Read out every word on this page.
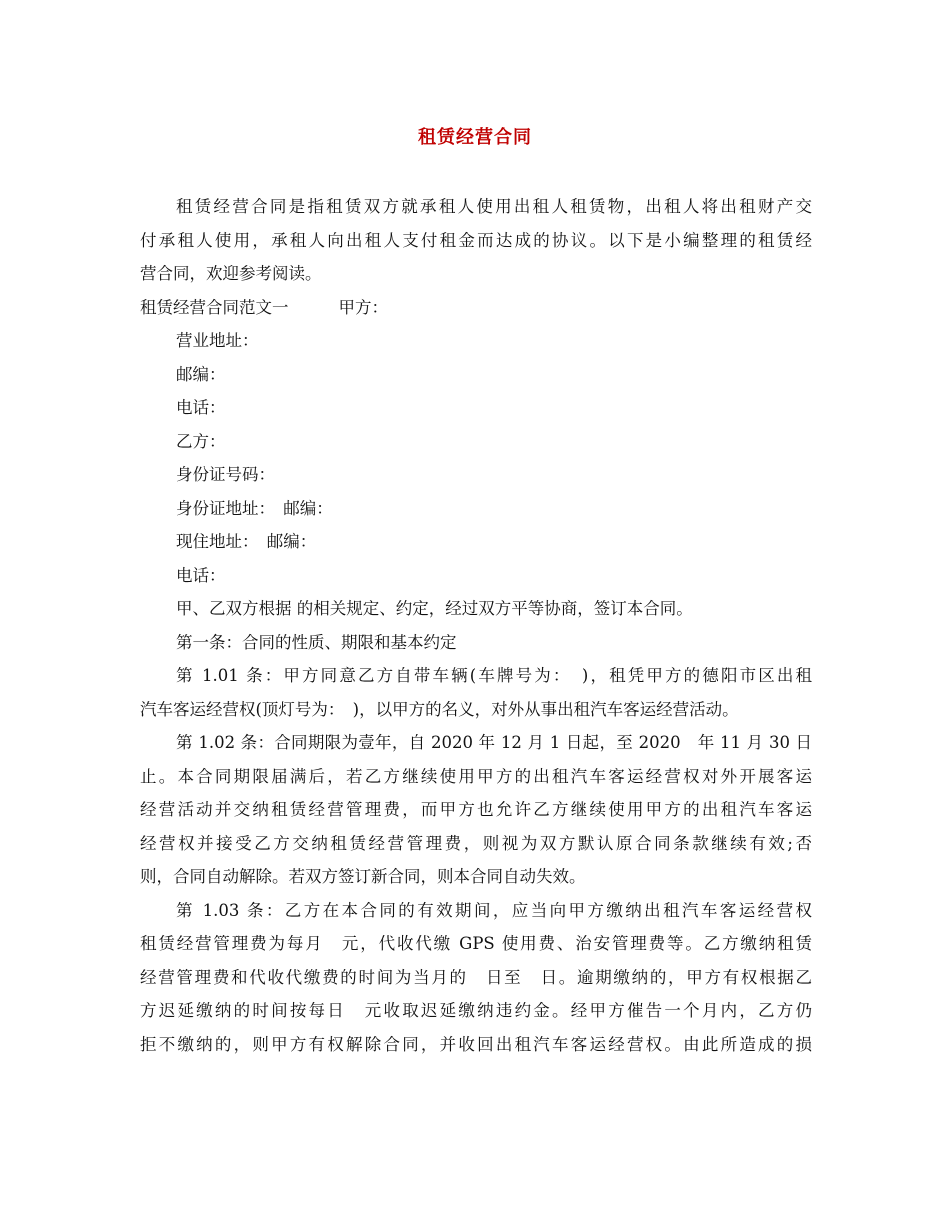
租赁经营合同
租赁经营合同是指租赁双方就承租人使用出租人租赁物，出租人将出租财产交
付承租人使用，承租人向出租人支付租金而达成的协议。以下是小编整理的租赁经
营合同，欢迎参考阅读。
租赁经营合同范文一	甲方：
营业地址：
邮编：
电话：
乙方：
身份证号码：
身份证地址：　邮编：
现住地址：　邮编：
电话：
甲、乙双方根据 的相关规定、约定，经过双方平等协商，签订本合同。
第一条：合同的性质、期限和基本约定
第 1.01 条：甲方同意乙方自带车辆(车牌号为：　)，租凭甲方的德阳市区出租
汽车客运经营权(顶灯号为：　)，以甲方的名义，对外从事出租汽车客运经营活动。
第 1.02 条：合同期限为壹年，自 2020 年 12 月 1 日起，至 2020　年 11 月 30 日
止。本合同期限届满后，若乙方继续使用甲方的出租汽车客运经营权对外开展客运
经营活动并交纳租赁经营管理费，而甲方也允许乙方继续使用甲方的出租汽车客运
经营权并接受乙方交纳租赁经营管理费，则视为双方默认原合同条款继续有效;否
则，合同自动解除。若双方签订新合同，则本合同自动失效。
第 1.03 条：乙方在本合同的有效期间，应当向甲方缴纳出租汽车客运经营权
租赁经营管理费为每月　元，代收代缴 GPS 使用费、治安管理费等。乙方缴纳租赁
经营管理费和代收代缴费的时间为当月的　日至　日。逾期缴纳的，甲方有权根据乙
方迟延缴纳的时间按每日　元收取迟延缴纳违约金。经甲方催告一个月内，乙方仍
拒不缴纳的，则甲方有权解除合同，并收回出租汽车客运经营权。由此所造成的损
